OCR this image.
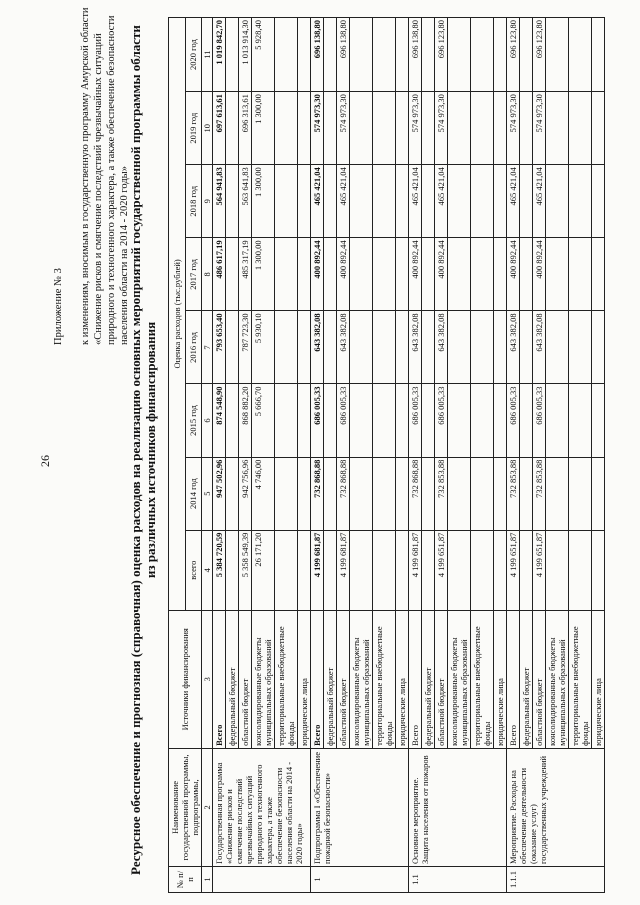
26
Приложение № 3 к изменениям, вносимым в государственную программу Амурской области «Снижение рисков и смягчение последствий чрезвычайных ситуаций природного и техногенного характера, а также обеспечение безопасности населения области на 2014 - 2020 годы»
Ресурсное обеспечение и прогнозная (справочная) оценка расходов на реализацию основных мероприятий государственной программы области из различных источников финансирования
№ п/п	Наименование государственной программы, подпрограммы,	Источники финансирования	Оценка расходов (тыс.рублей)							
			всего	2014 год	2015 год	2016 год	2017 год	2018 год	2019 год	2020 год
1	2	3	4	5	6	7	8	9	10	11
	Государственная программа «Снижение рисков и смягчение последствий чрезвычайных ситуаций природного и техногенного характера, а также обеспечение безопасности населения области на 2014 - 2020 годы»	Всего	5 384 720,59	947 502,96	874 548,90	793 653,40	486 617,19	564 941,83	697 613,61	1 019 842,70
		федеральный бюджет								
		областной бюджет	5 358 549,39	942 756,96	868 882,20	787 723,30	485 317,19	563 641,83	696 313,61	1 013 914,30
		консолидированные бюджеты муниципальных образований	26 171,20	4 746,00	5 666,70	5 930,10	1 300,00	1 300,00	1 300,00	5 928,40
		территориальные внебюджетные фонды								
		юридические лица								
1	Подпрограмма I «Обеспечение пожарной безопасности»	Всего	4 199 681,87	732 868,88	686 005,33	643 382,08	400 892,44	465 421,04	574 973,30	696 138,80
		федеральный бюджет								
		областной бюджет	4 199 681,87	732 868,88	686 005,33	643 382,08	400 892,44	465 421,04	574 973,30	696 138,80
		консолидированные бюджеты муниципальных образований								
		территориальные внебюджетные фонды								
		юридические лица								
1.1	Основное мероприятие. Защита населения от пожаров	Всего	4 199 681,87	732 868,88	686 005,33	643 382,08	400 892,44	465 421,04	574 973,30	696 138,80
		федеральный бюджет								
		областной бюджет	4 199 651,87	732 853,88	686 005,33	643 382,08	400 892,44	465 421,04	574 973,30	696 123,80
		консолидированные бюджеты муниципальных образований								
		территориальные внебюджетные фонды								
		юридические лица								
1.1.1	Мероприятие. Расходы на обеспечение деятельности (оказание услуг) государственных учреждений	Всего	4 199 651,87	732 853,88	686 005,33	643 382,08	400 892,44	465 421,04	574 973,30	696 123,80
		федеральный бюджет								
		областной бюджет	4 199 651,87	732 853,88	686 005,33	643 382,08	400 892,44	465 421,04	574 973,30	696 123,80
		консолидированные бюджеты муниципальных образований								
		территориальные внебюджетные фонды								
		юридические лица								
